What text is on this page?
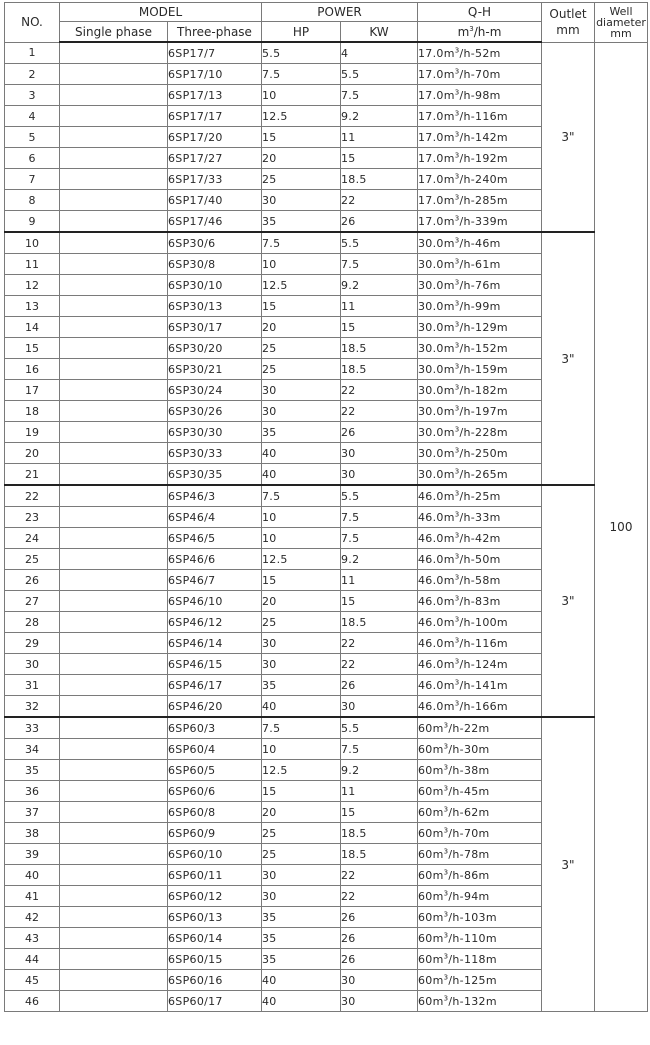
NO.	MODEL		POWER		Q-H	Outlet mm	Well diameter mm
	Single phase	Three-phase	HP	KW	$m^3/h-m$		
1		6SP17/7	5.5	4	$17.0m^3/h-52m$	3"	100
2		6SP17/10	7.5	5.5	$17.0m^3/h-70m$		
3		6SP17/13	10	7.5	$17.0m^3/h-98m$		
4		6SP17/17	12.5	9.2	$17.0m^3/h-116m$		
5		6SP17/20	15	11	$17.0m^3/h-142m$		
6		6SP17/27	20	15	$17.0m^3/h-192m$		
7		6SP17/33	25	18.5	$17.0m^3/h-240m$		
8		6SP17/40	30	22	$17.0m^3/h-285m$		
9		6SP17/46	35	26	$17.0m^3/h-339m$		
10		6SP30/6	7.5	5.5	$30.0m^3/h-46m$	3"	
11		6SP30/8	10	7.5	$30.0m^3/h-61m$		
12		6SP30/10	12.5	9.2	$30.0m^3/h-76m$		
13		6SP30/13	15	11	$30.0m^3/h-99m$		
14		6SP30/17	20	15	$30.0m^3/h-129m$		
15		6SP30/20	25	18.5	$30.0m^3/h-152m$		
16		6SP30/21	25	18.5	$30.0m^3/h-159m$		
17		6SP30/24	30	22	$30.0m^3/h-182m$		
18		6SP30/26	30	22	$30.0m^3/h-197m$		
19		6SP30/30	35	26	$30.0m^3/h-228m$		
20		6SP30/33	40	30	$30.0m^3/h-250m$		
21		6SP30/35	40	30	$30.0m^3/h-265m$		
22		6SP46/3	7.5	5.5	$46.0m^3/h-25m$	3"	
23		6SP46/4	10	7.5	$46.0m^3/h-33m$		
24		6SP46/5	10	7.5	$46.0m^3/h-42m$		
25		6SP46/6	12.5	9.2	$46.0m^3/h-50m$		
26		6SP46/7	15	11	$46.0m^3/h-58m$		
27		6SP46/10	20	15	$46.0m^3/h-83m$		
28		6SP46/12	25	18.5	$46.0m^3/h-100m$		
29		6SP46/14	30	22	$46.0m^3/h-116m$		
30		6SP46/15	30	22	$46.0m^3/h-124m$		
31		6SP46/17	35	26	$46.0m^3/h-141m$		
32		6SP46/20	40	30	$46.0m^3/h-166m$		
33		6SP60/3	7.5	5.5	$60m^3/h-22m$	3"	
34		6SP60/4	10	7.5	$60m^3/h-30m$		
35		6SP60/5	12.5	9.2	$60m^3/h-38m$		
36		6SP60/6	15	11	$60m^3/h-45m$		
37		6SP60/8	20	15	$60m^3/h-62m$		
38		6SP60/9	25	18.5	$60m^3/h-70m$		
39		6SP60/10	25	18.5	$60m^3/h-78m$		
40		6SP60/11	30	22	$60m^3/h-86m$		
41		6SP60/12	30	22	$60m^3/h-94m$		
42		6SP60/13	35	26	$60m^3/h-103m$		
43		6SP60/14	35	26	$60m^3/h-110m$		
44		6SP60/15	35	26	$60m^3/h-118m$		
45		6SP60/16	40	30	$60m^3/h-125m$		
46		6SP60/17	40	30	$60m^3/h-132m$		
